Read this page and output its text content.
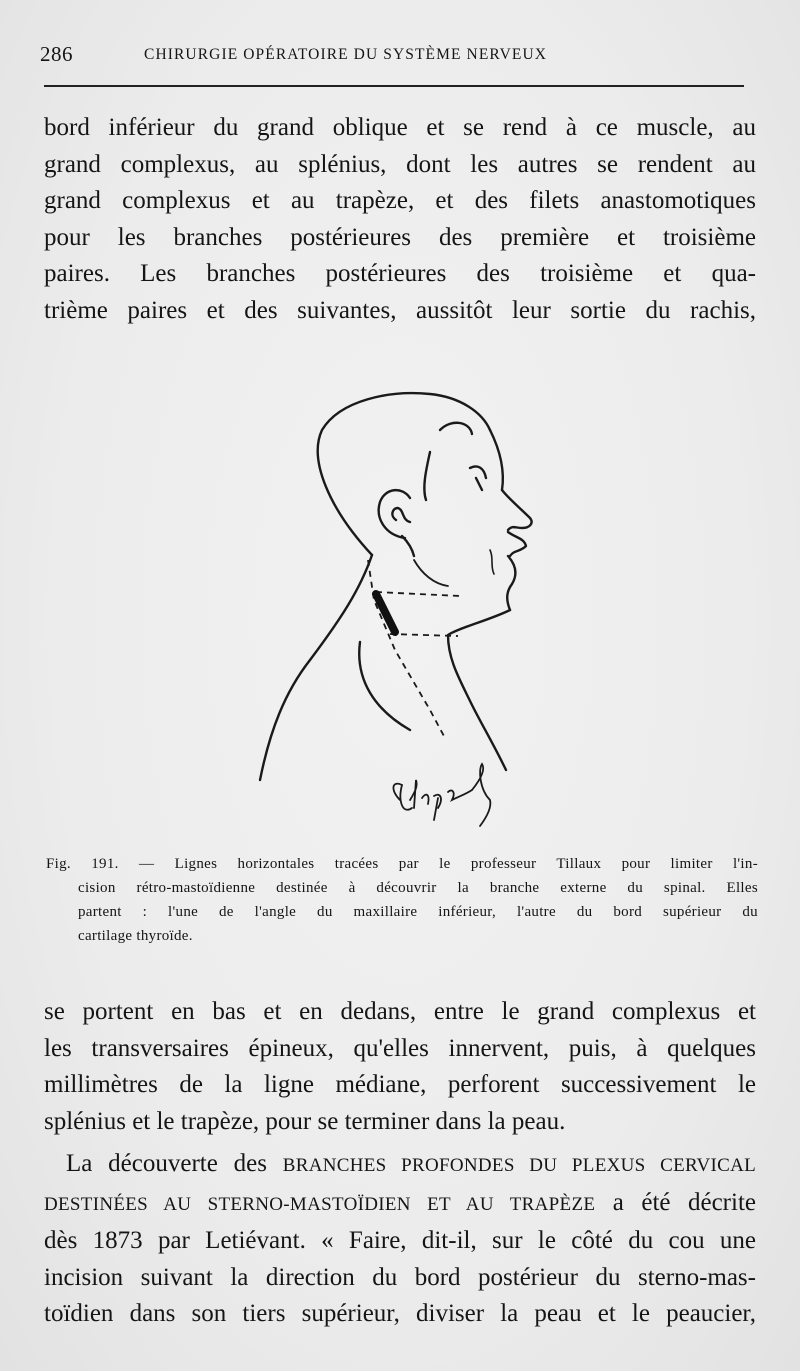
286	CHIRURGIE OPÉRATOIRE DU SYSTÈME NERVEUX
bord inférieur du grand oblique et se rend à ce muscle, au
grand complexus, au splénius, dont les autres se rendent au
grand complexus et au trapèze, et des filets anastomotiques
pour les branches postérieures des première et troisième
paires. Les branches postérieures des troisième et qua-
trième paires et des suivantes, aussitôt leur sortie du rachis,
Fig. 191. — Lignes horizontales tracées par le professeur Tillaux pour limiter l'in-
cision rétro-mastoïdienne destinée à découvrir la branche externe du spinal. Elles
partent : l'une de l'angle du maxillaire inférieur, l'autre du bord supérieur du
cartilage thyroïde.
se portent en bas et en dedans, entre le grand complexus et
les transversaires épineux, qu'elles innervent, puis, à quelques
millimètres de la ligne médiane, perforent successivement le
splénius et le trapèze, pour se terminer dans la peau.
La découverte des BRANCHES PROFONDES DU PLEXUS CERVICAL
DESTINÉES AU STERNO-MASTOÏDIEN ET AU TRAPÈZE a été décrite
dès 1873 par Letiévant. « Faire, dit-il, sur le côté du cou une
incision suivant la direction du bord postérieur du sterno-mas-
toïdien dans son tiers supérieur, diviser la peau et le peaucier,
